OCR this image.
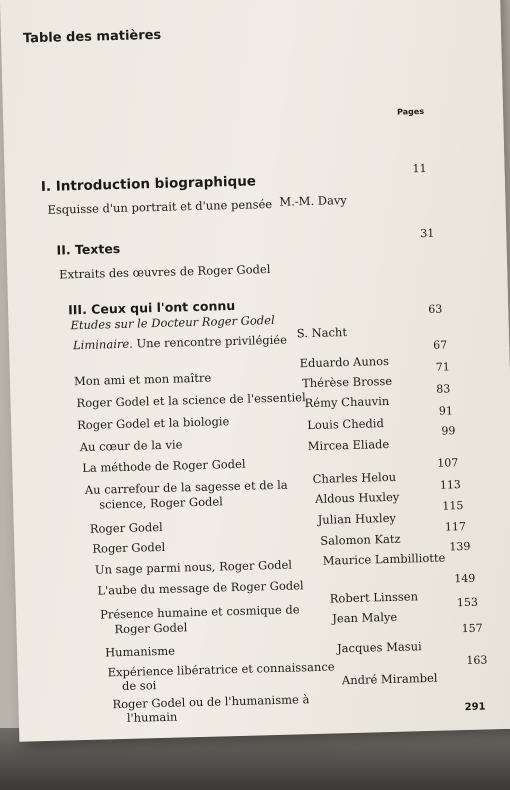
Table des matières
Pages
I. Introduction biographique
11
Esquisse d'un portrait et d'une pensée M.-M. Davy
II. Textes
31
Extraits des œuvres de Roger Godel
III. Ceux qui l'ont connu
Etudes sur le Docteur Roger Godel
63
Liminaire. Une rencontre privilégiée S. Nacht
Mon ami et mon maître
Eduardo Aunos
67
Roger Godel et la science de l'essentiel
Thérèse Brosse
71
Roger Godel et la biologie
Rémy Chauvin
83
Au cœur de la vie
Louis Chedid
91
La méthode de Roger Godel
Mircea Eliade
99
Au carrefour de la sagesse et de la
science, Roger Godel
Charles Helou
107
Roger Godel
Aldous Huxley
113
Roger Godel
Julian Huxley
115
Un sage parmi nous, Roger Godel
Salomon Katz
117
L'aube du message de Roger Godel
Maurice Lambilliotte
139
Présence humaine et cosmique de
Roger Godel
Robert Linssen
149
Humanisme
Jean Malye
153
Expérience libératrice et connaissance
de soi
Jacques Masui
157
Roger Godel ou de l'humanisme à
l'humain
André Mirambel
163
291
